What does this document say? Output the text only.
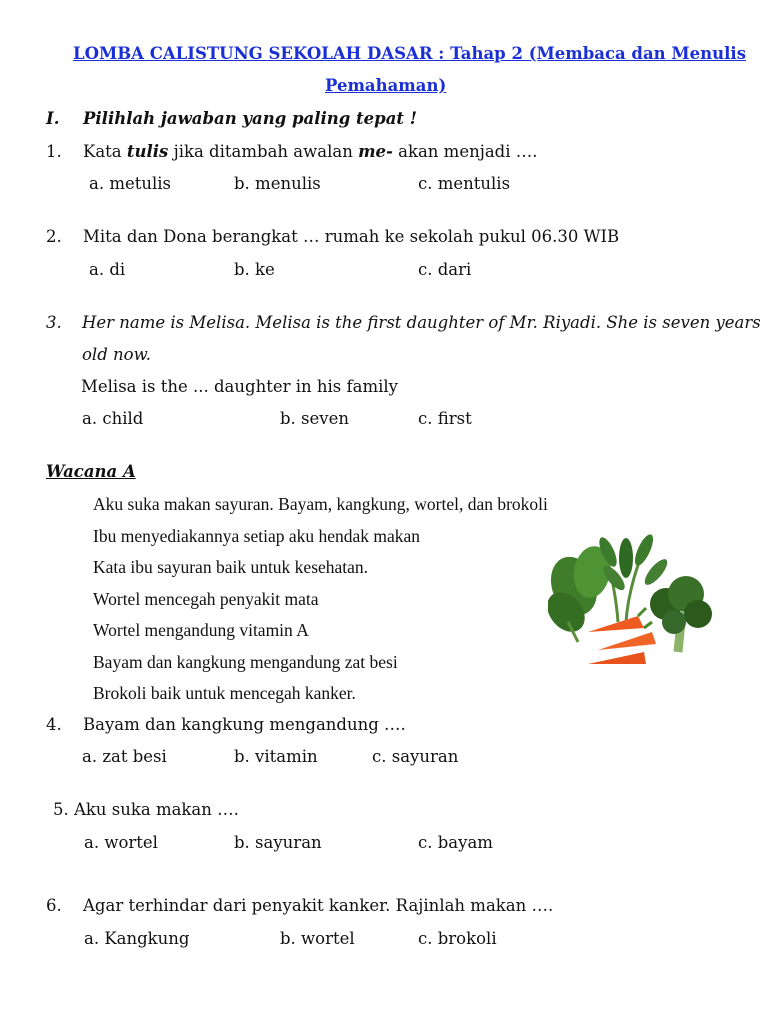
LOMBA CALISTUNG SEKOLAH DASAR : Tahap 2 (Membaca dan Menulis
Pemahaman)
I. Pilihlah jawaban yang paling tepat !
1. Kata tulis jika ditambah awalan me- akan menjadi ….
a. metulis	b. menulis	c. mentulis
2. Mita dan Dona berangkat … rumah ke sekolah pukul 06.30 WIB
a. di	b. ke	c. dari
3. Her name is Melisa. Melisa is the first daughter of Mr. Riyadi. She is seven years
old now.
Melisa is the ... daughter in his family
a. child	b. seven	c. first
Wacana A
Aku suka makan sayuran. Bayam, kangkung, wortel, dan brokoli
Ibu menyediakannya setiap aku hendak makan
Kata ibu sayuran baik untuk kesehatan.
Wortel mencegah penyakit mata
Wortel mengandung vitamin A
Bayam dan kangkung mengandung zat besi
Brokoli baik untuk mencegah kanker.
4. Bayam dan kangkung mengandung ….
a. zat besi	b. vitamin	c. sayuran
5. Aku suka makan ….
a. wortel	b. sayuran	c. bayam
6. Agar terhindar dari penyakit kanker. Rajinlah makan ….
a. Kangkung	b. wortel	c. brokoli
